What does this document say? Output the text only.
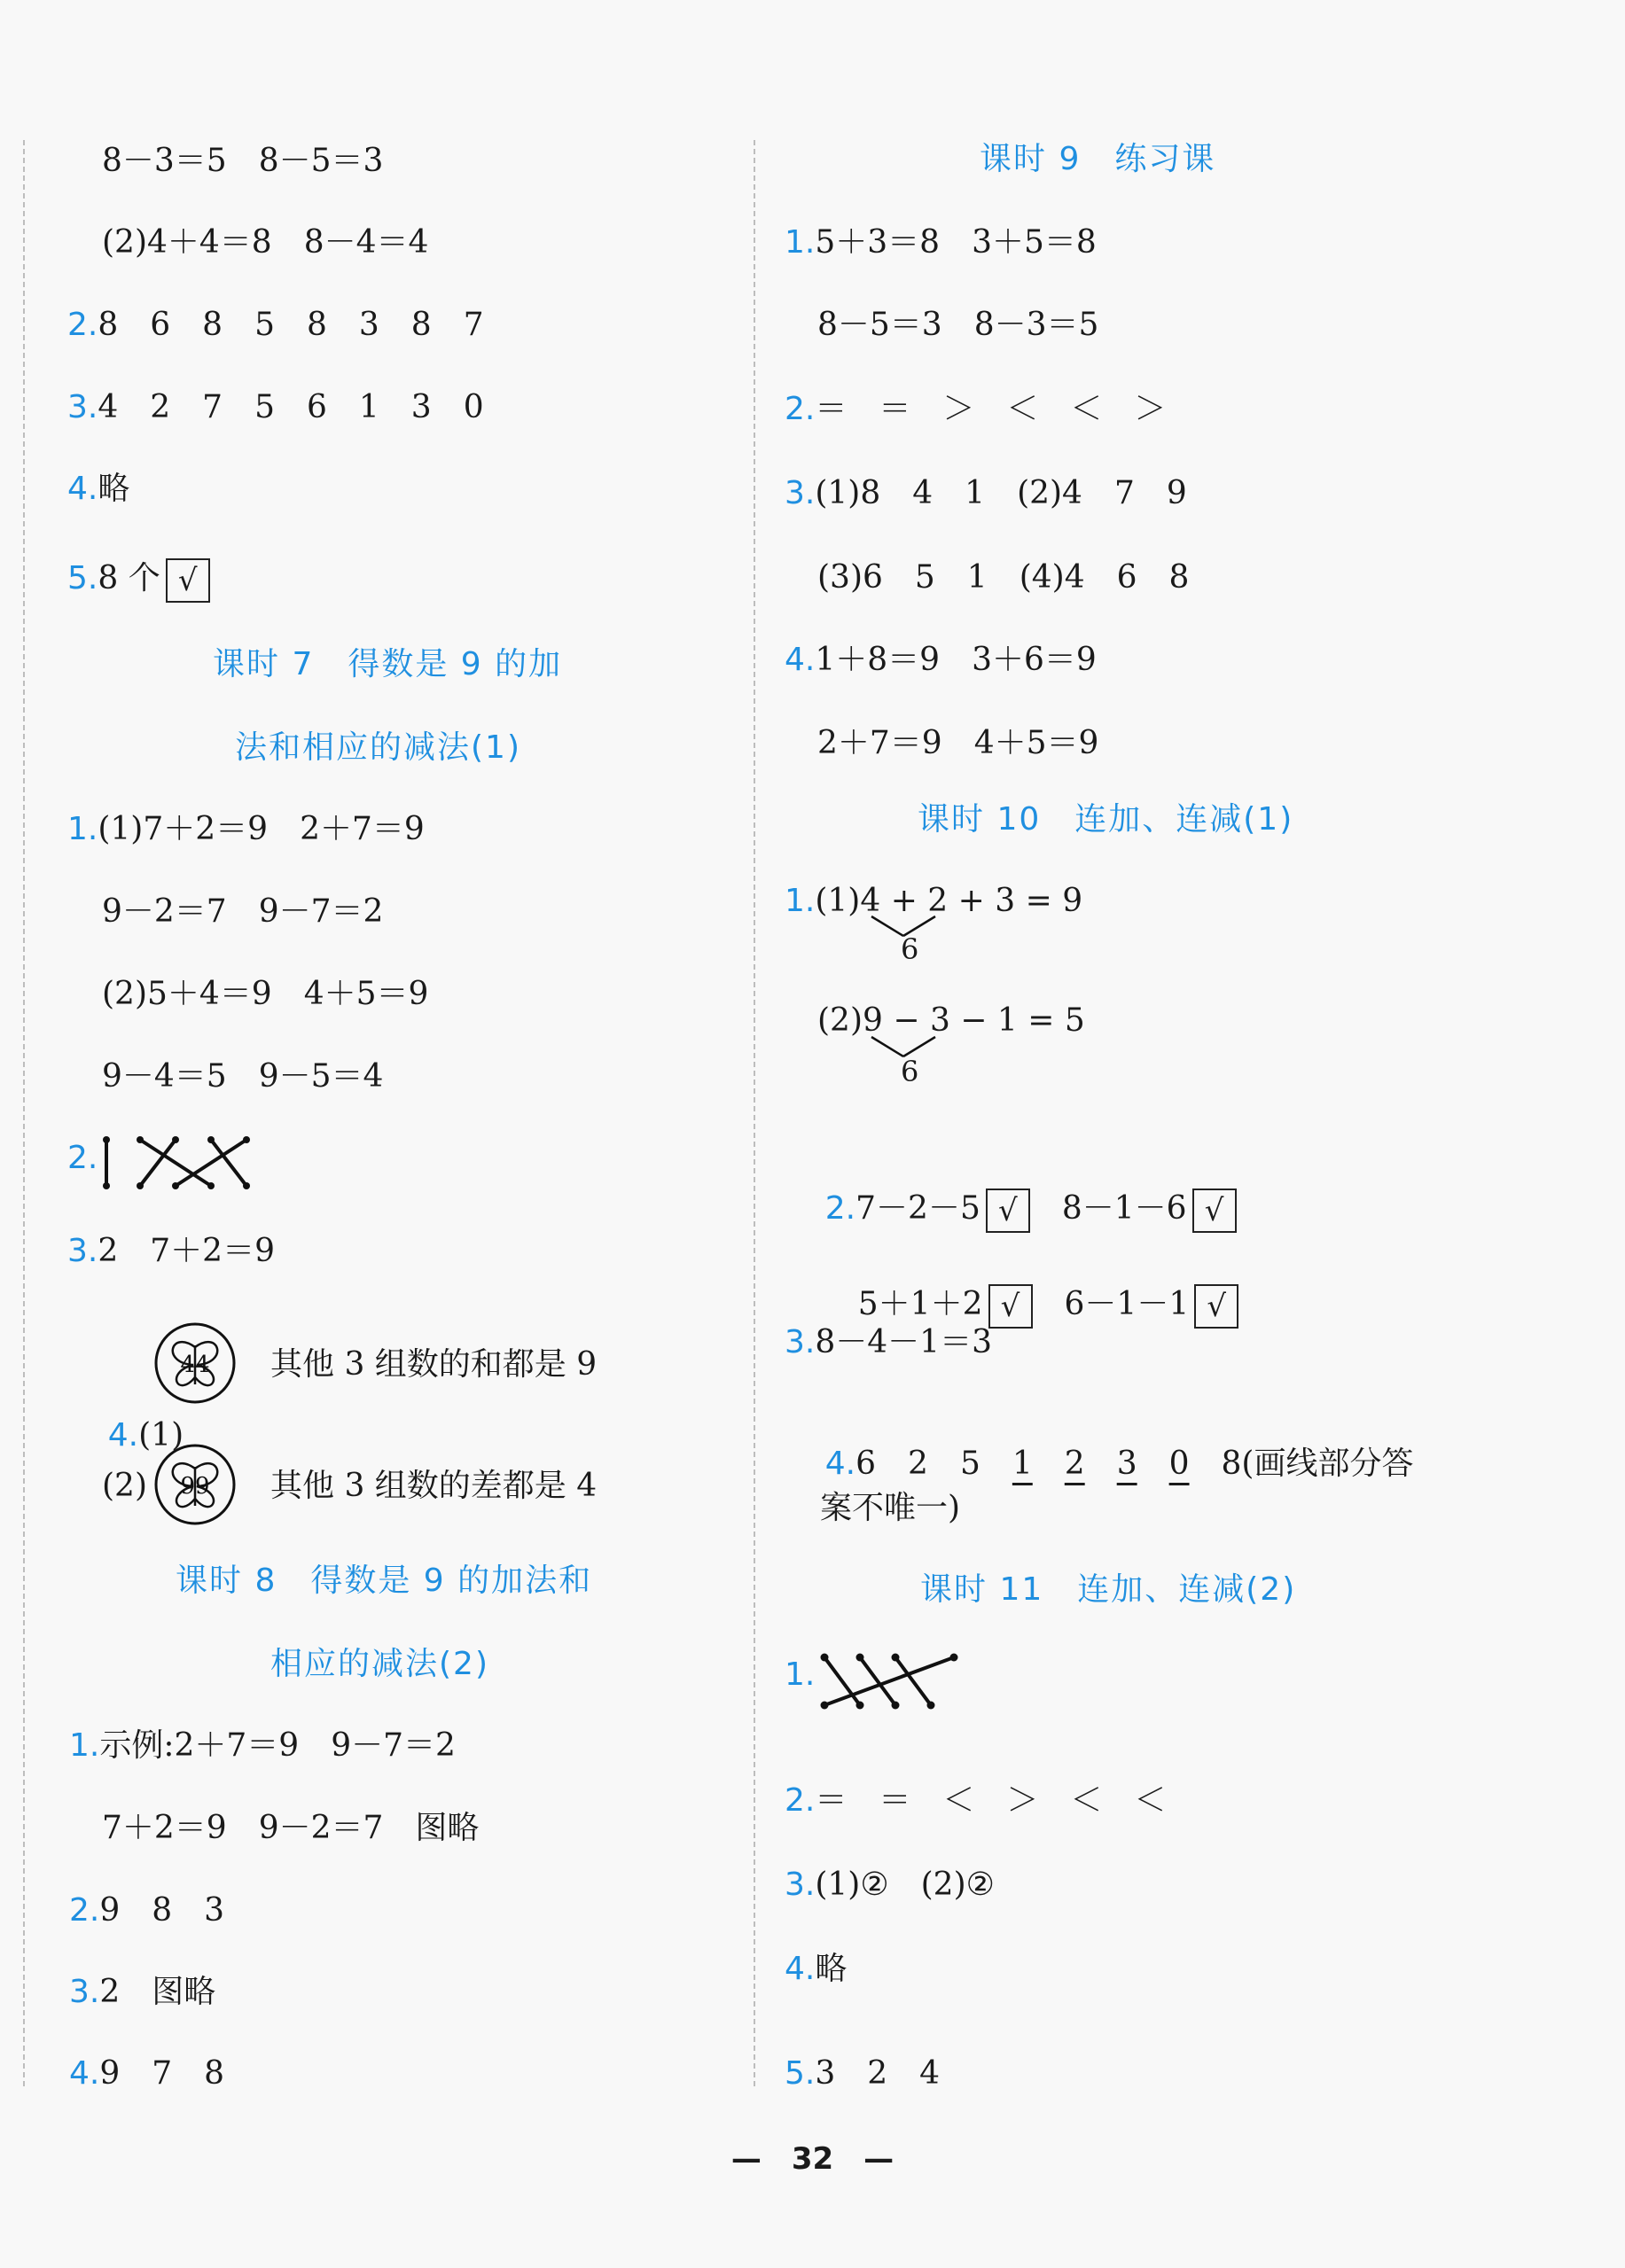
8－3＝5　8－5＝3
(2)4＋4＝8　8－4＝4
2.8　6　8　5　8　3　8　7
3.4　2　7　5　6　1　3　0
4.略
5.8 个 √
课时 7　得数是 9 的加
法和相应的减法(1)
1.(1)7＋2＝9　2＋7＝9
9－2＝7　9－7＝2
(2)5＋4＝9　4＋5＝9
9－4＝5　9－5＝4
2.
3.2　7＋2＝9

4.(1)

44 其他 3 组数的和都是 9
(2) 99 其他 3 组数的差都是 4
课时 8　得数是 9 的加法和
相应的减法(2)
1.示例:2＋7＝9　9－7＝2
7＋2＝9　9－2＝7　图略
2.9　8　3
3.2　图略
4.9　7　8
课时 9　练习课
1.5＋3＝8　3＋5＝8
8－5＝3　8－3＝5
2.＝　＝　＞　＜　＜　＞
3.(1)8　4　1　(2)4　7　9
(3)6　5　1　(4)4　6　8
4.1＋8＝9　3＋6＝9
2＋7＝9　4＋5＝9
课时 10　连加、连减(1)
1.(1)4 + 2 + 3 = 9
6
(2)9 − 3 − 1 = 5
6

2.7－2－5 √　 8－1－6 √

5＋1＋2 √　 6－1－1 √

3.8－4－1＝3

4.6　2　5　1　 2　 3　 0　8(画线部分答

案不唯一)
课时 11　连加、连减(2)
1.
2.＝　＝　＜　＞　＜　＜
3.(1)②　(2)②
4.略
5.3　2　4
—　32　—
